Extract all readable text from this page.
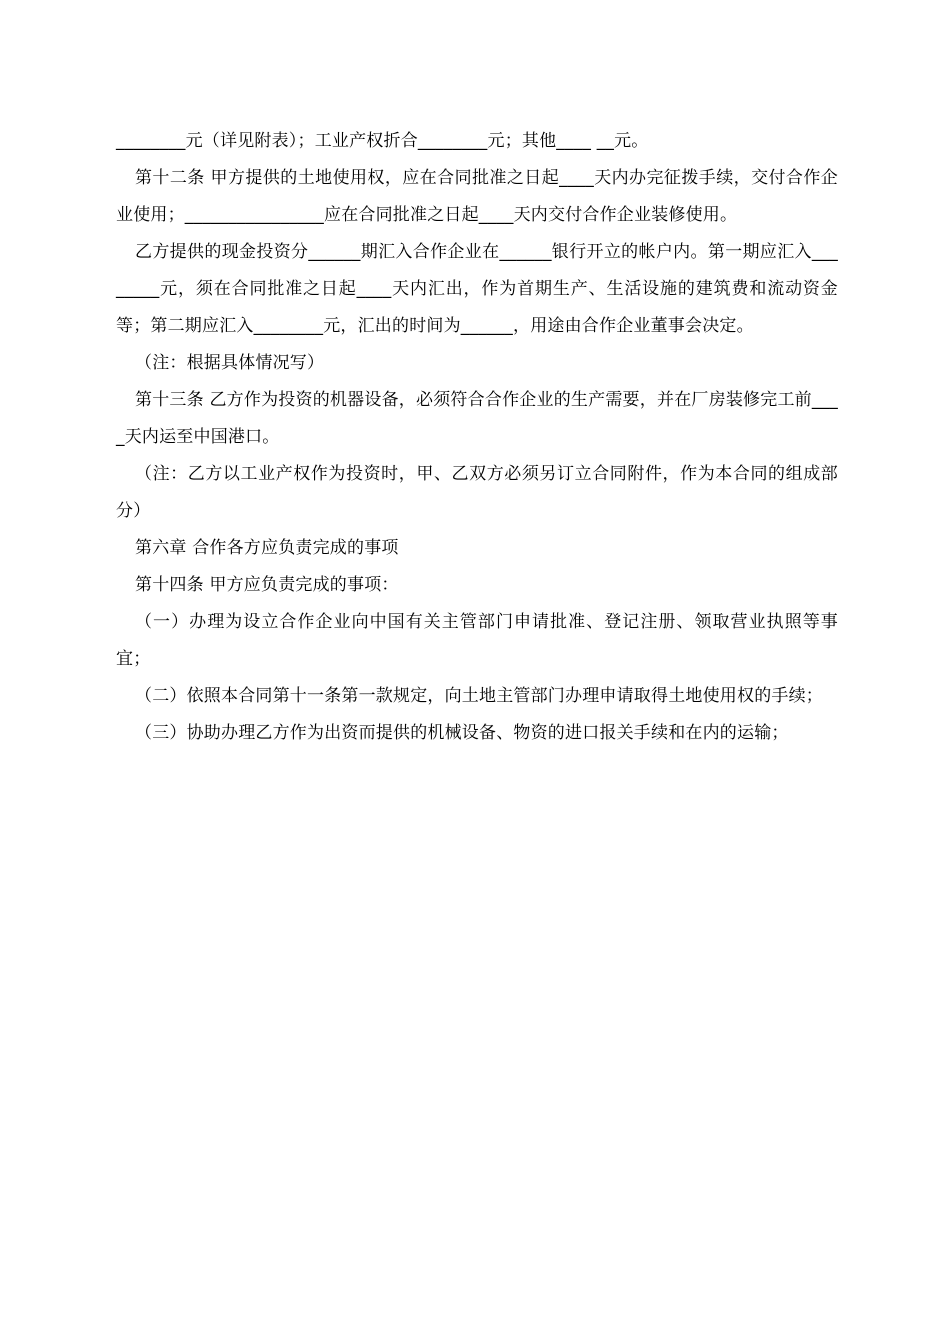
________元（详见附表）；工业产权折合________元；其他____ __元。

第十二条 甲方提供的土地使用权，应在合同批准之日起____天内办完征拨手续，交付合作企业使用；________________应在合同批准之日起____天内交付合作企业装修使用。

乙方提供的现金投资分______期汇入合作企业在______银行开立的帐户内。第一期应汇入________元，须在合同批准之日起____天内汇出，作为首期生产、生活设施的建筑费和流动资金等；第二期应汇入________元，汇出的时间为______，用途由合作企业董事会决定。

（注：根据具体情况写）

第十三条 乙方作为投资的机器设备，必须符合合作企业的生产需要，并在厂房装修完工前____天内运至中国港口。

（注：乙方以工业产权作为投资时，甲、乙双方必须另订立合同附件，作为本合同的组成部分）

第六章 合作各方应负责完成的事项

第十四条 甲方应负责完成的事项：

（一）办理为设立合作企业向中国有关主管部门申请批准、登记注册、领取营业执照等事宜；

（二）依照本合同第十一条第一款规定，向土地主管部门办理申请取得土地使用权的手续；

（三）协助办理乙方作为出资而提供的机械设备、物资的进口报关手续和在内的运输；
